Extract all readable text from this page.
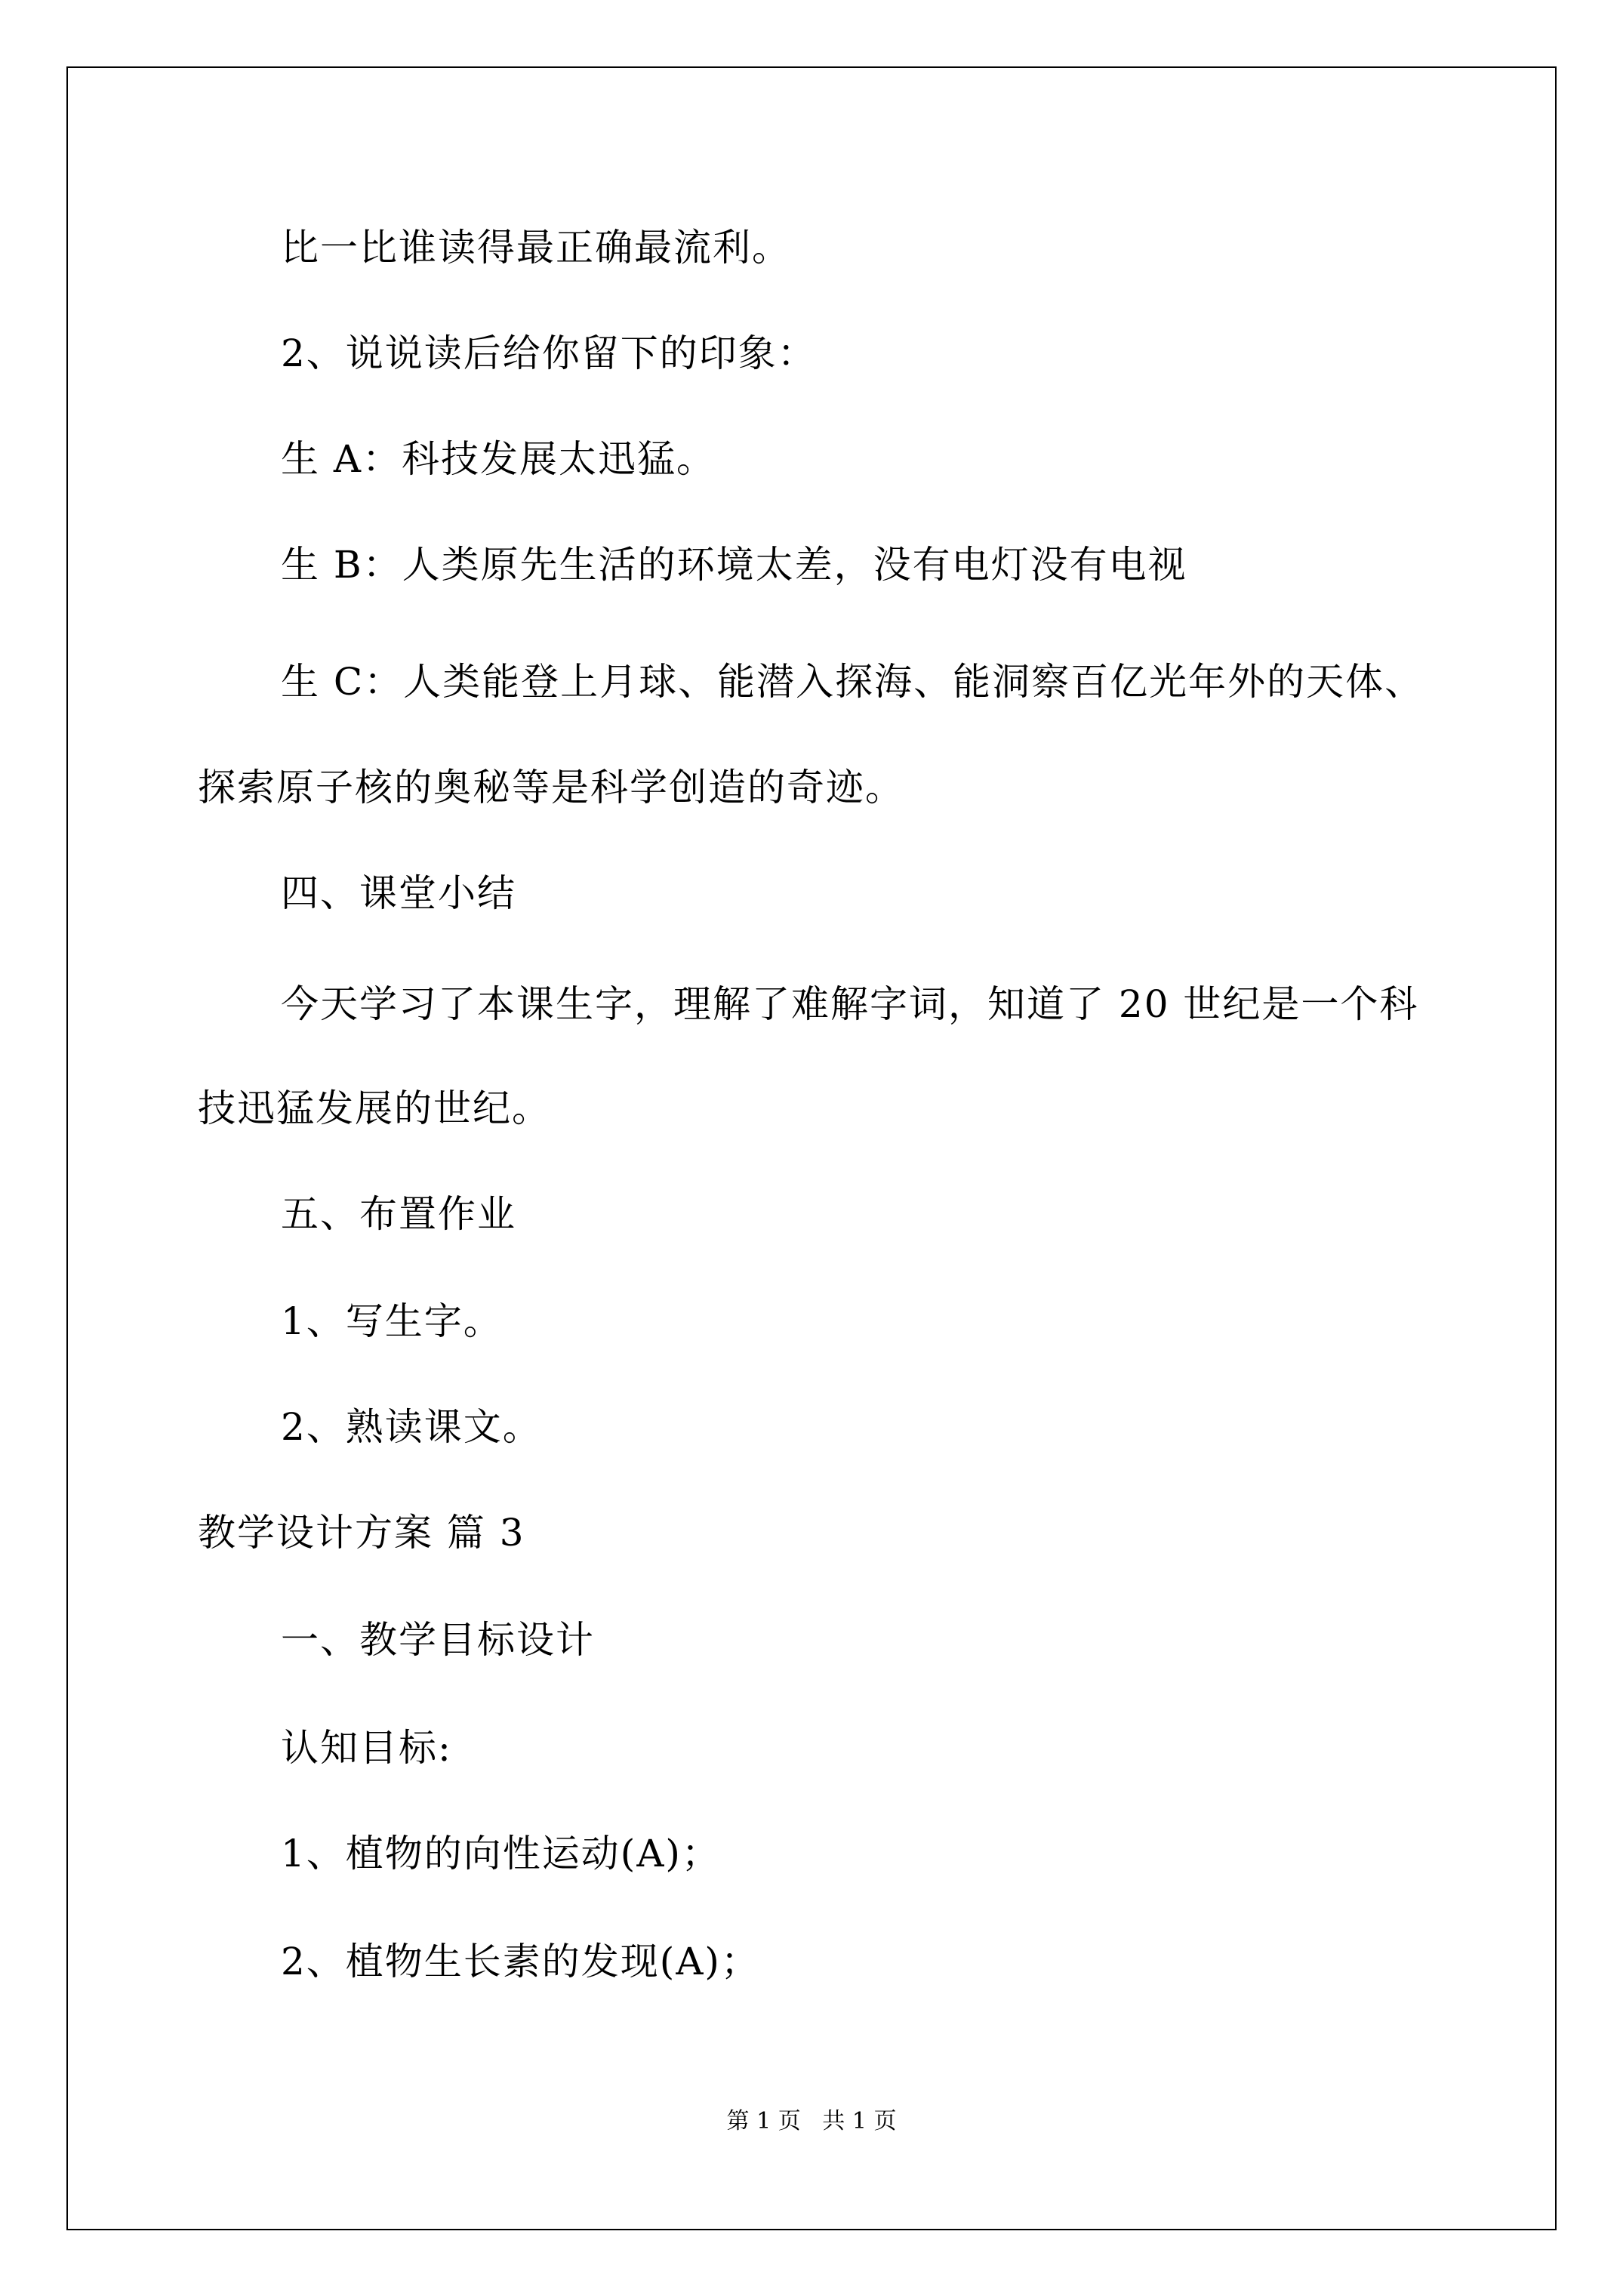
比一比谁读得最正确最流利。
2、说说读后给你留下的印象：
生 A：科技发展太迅猛。
生 B：人类原先生活的环境太差，没有电灯没有电视
生 C：人类能登上月球、能潜入探海、能洞察百亿光年外的天体、
探索原子核的奥秘等是科学创造的奇迹。
四、课堂小结
今天学习了本课生字，理解了难解字词，知道了 20 世纪是一个科
技迅猛发展的世纪。
五、布置作业
1、写生字。
2、熟读课文。
教学设计方案 篇 3
一、教学目标设计
认知目标:
1、植物的向性运动(A)；
2、植物生长素的发现(A)；
第 1 页   共 1 页
